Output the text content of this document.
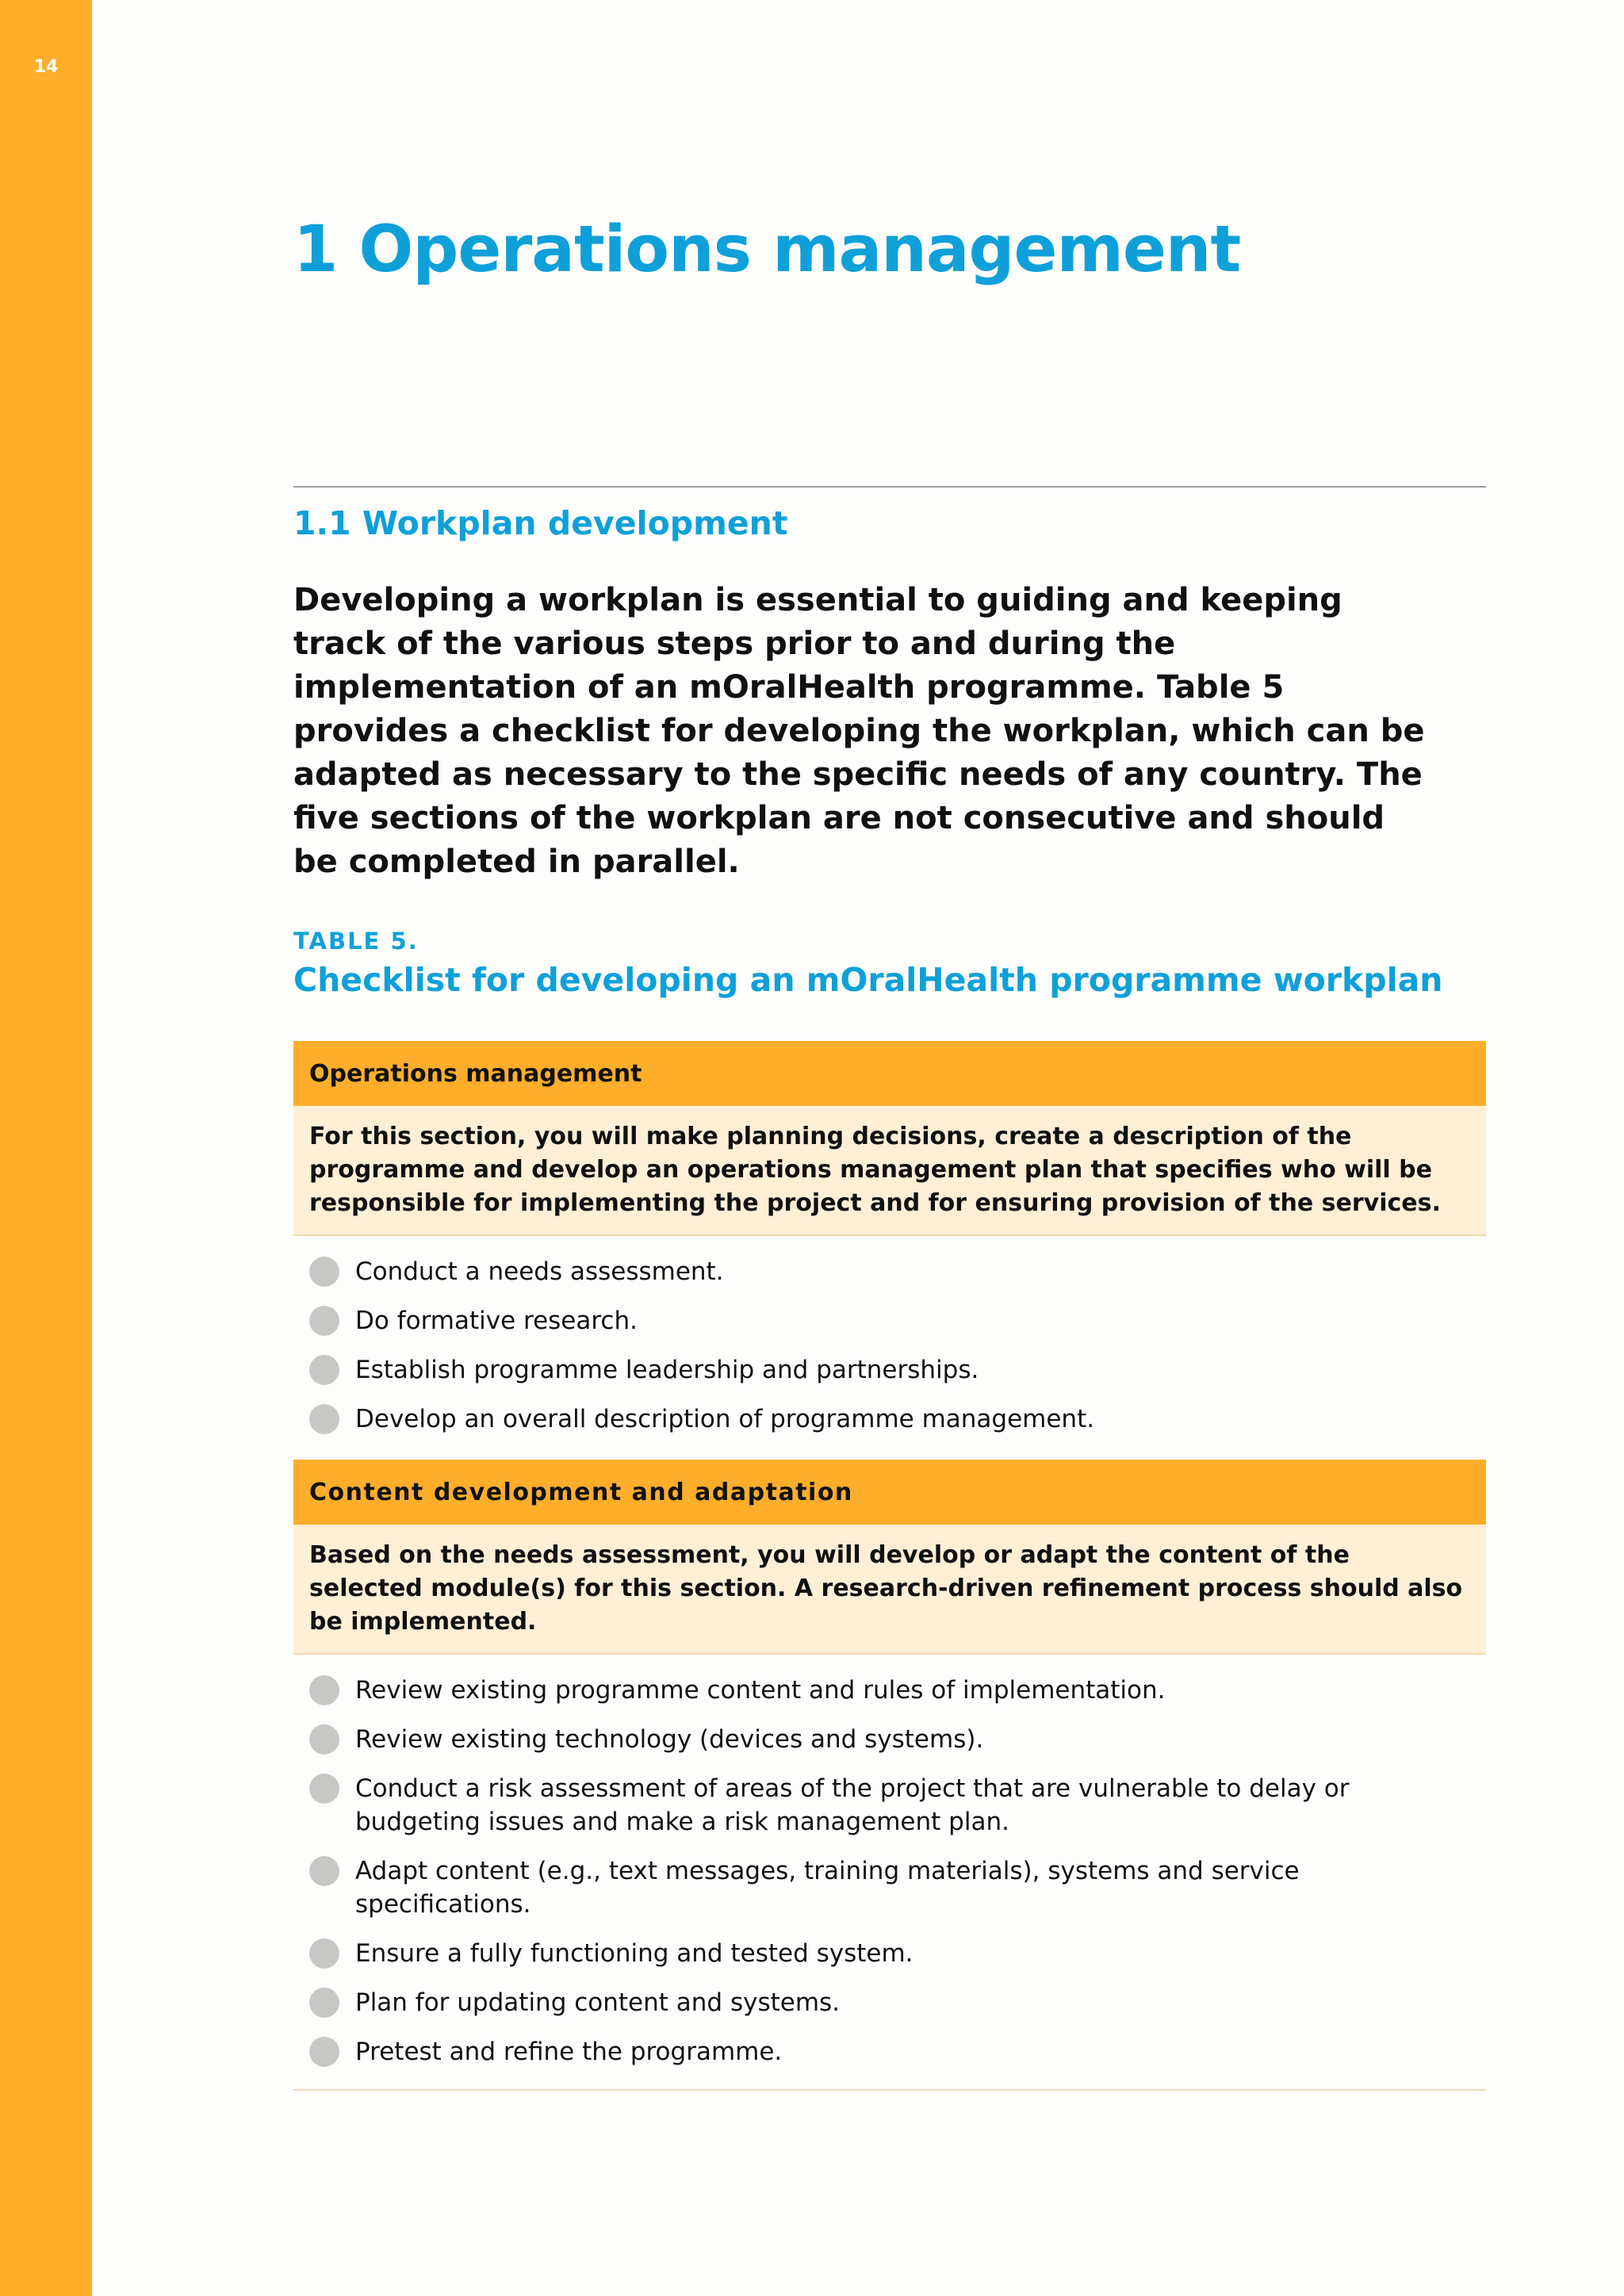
14
1 Operations management
1.1 Workplan development

Developing a workplan is essential to guiding and keeping track of the various steps prior to and during the implementation of an mOralHealth programme. Table 5 provides a checklist for developing the workplan, which can be adapted as necessary to the specific needs of any country. The five sections of the workplan are not consecutive and should be completed in parallel.

TABLE 5.
Checklist for developing an mOralHealth programme workplan
Operations management
For this section, you will make planning decisions, create a description of the programme and develop an operations management plan that specifies who will be responsible for implementing the project and for ensuring provision of the services.
Conduct a needs assessment.
Do formative research.
Establish programme leadership and partnerships.
Develop an overall description of programme management.
Content development and adaptation
Based on the needs assessment, you will develop or adapt the content of the selected module(s) for this section. A research-driven refinement process should also be implemented.
Review existing programme content and rules of implementation.
Review existing technology (devices and systems).
Conduct a risk assessment of areas of the project that are vulnerable to delay or budgeting issues and make a risk management plan.
Adapt content (e.g., text messages, training materials), systems and service specifications.
Ensure a fully functioning and tested system.
Plan for updating content and systems.
Pretest and refine the programme.
